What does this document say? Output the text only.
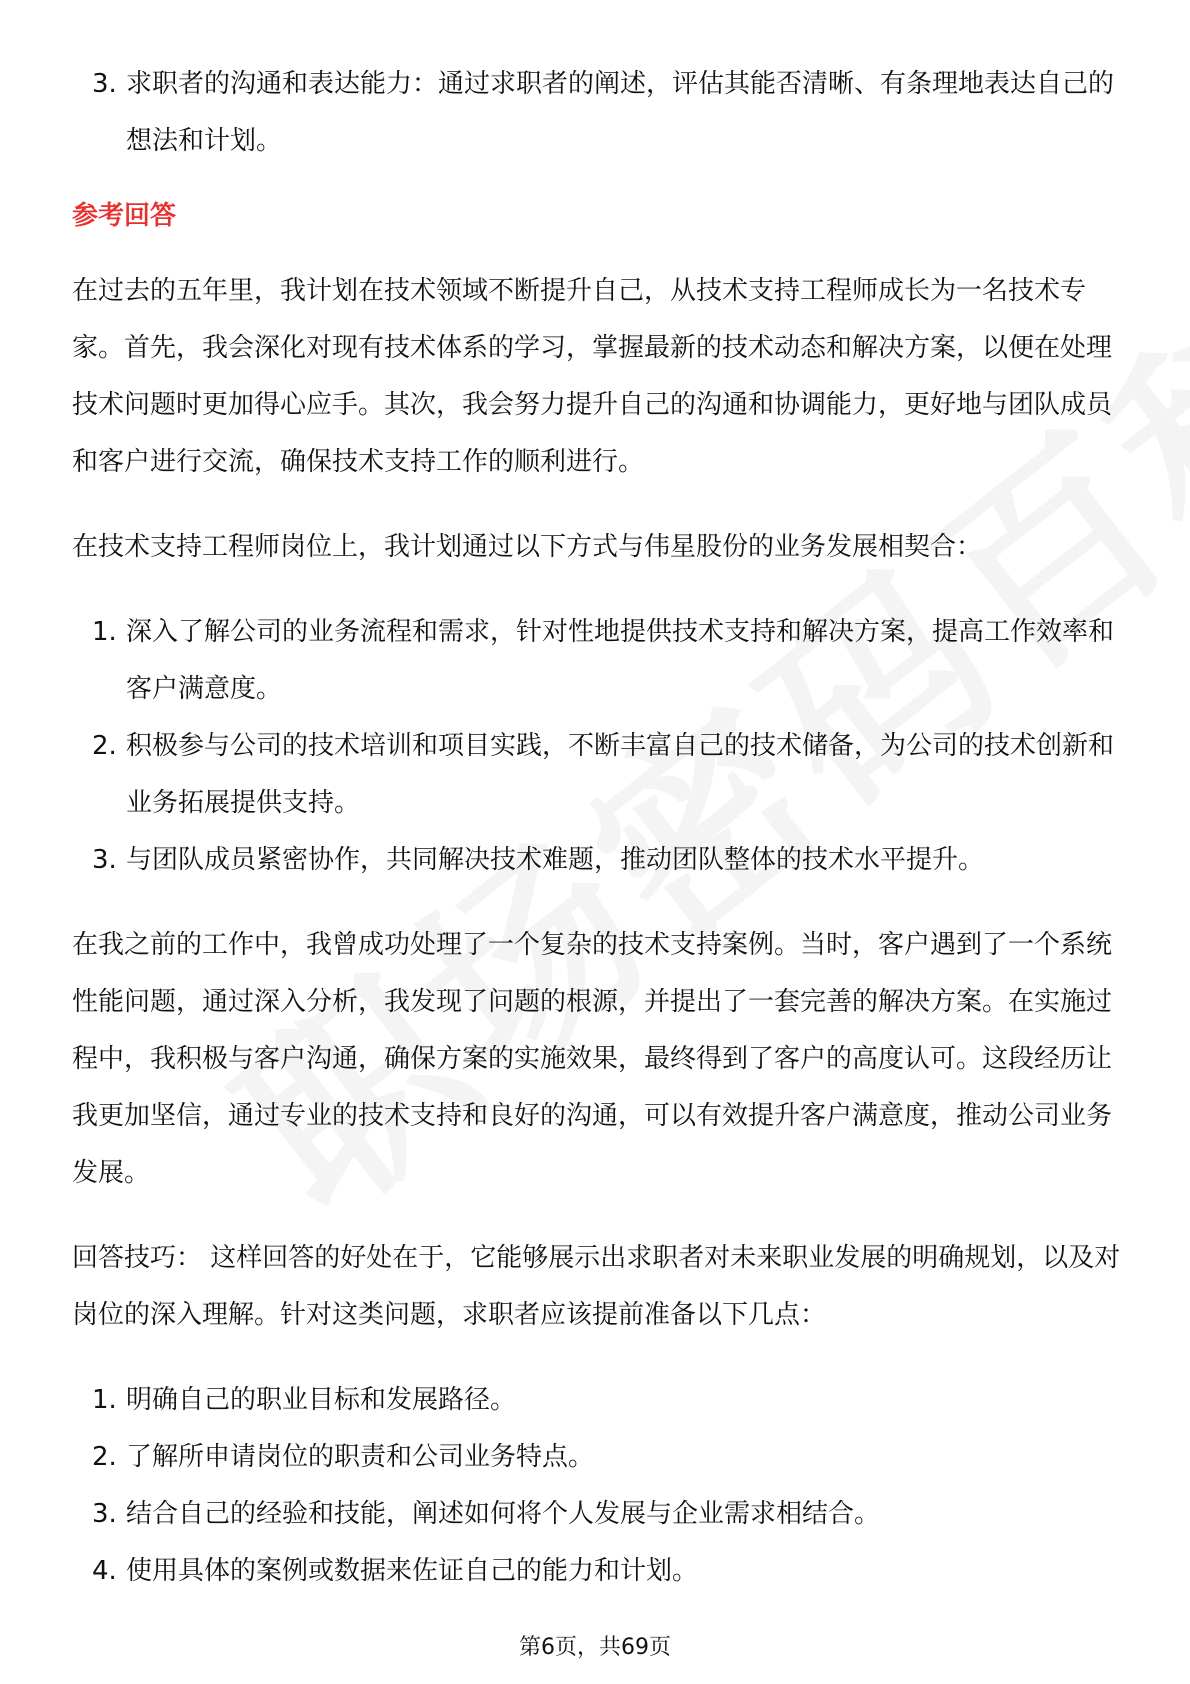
3. 求职者的沟通和表达能力：通过求职者的阐述，评估其能否清晰、有条理地表达自己的想法和计划。

参考回答

在过去的五年里，我计划在技术领域不断提升自己，从技术支持工程师成长为一名技术专家。首先，我会深化对现有技术体系的学习，掌握最新的技术动态和解决方案，以便在处理技术问题时更加得心应手。其次，我会努力提升自己的沟通和协调能力，更好地与团队成员和客户进行交流，确保技术支持工作的顺利进行。

在技术支持工程师岗位上，我计划通过以下方式与伟星股份的业务发展相契合：

1. 深入了解公司的业务流程和需求，针对性地提供技术支持和解决方案，提高工作效率和客户满意度。
2. 积极参与公司的技术培训和项目实践，不断丰富自己的技术储备，为公司的技术创新和业务拓展提供支持。
3. 与团队成员紧密协作，共同解决技术难题，推动团队整体的技术水平提升。

在我之前的工作中，我曾成功处理了一个复杂的技术支持案例。当时，客户遇到了一个系统性能问题，通过深入分析，我发现了问题的根源，并提出了一套完善的解决方案。在实施过程中，我积极与客户沟通，确保方案的实施效果，最终得到了客户的高度认可。这段经历让我更加坚信，通过专业的技术支持和良好的沟通，可以有效提升客户满意度，推动公司业务发展。

回答技巧： 这样回答的好处在于，它能够展示出求职者对未来职业发展的明确规划，以及对岗位的深入理解。针对这类问题，求职者应该提前准备以下几点：

1. 明确自己的职业目标和发展路径。
2. 了解所申请岗位的职责和公司业务特点。
3. 结合自己的经验和技能，阐述如何将个人发展与企业需求相结合。
4. 使用具体的案例或数据来佐证自己的能力和计划。
第6页，共69页
